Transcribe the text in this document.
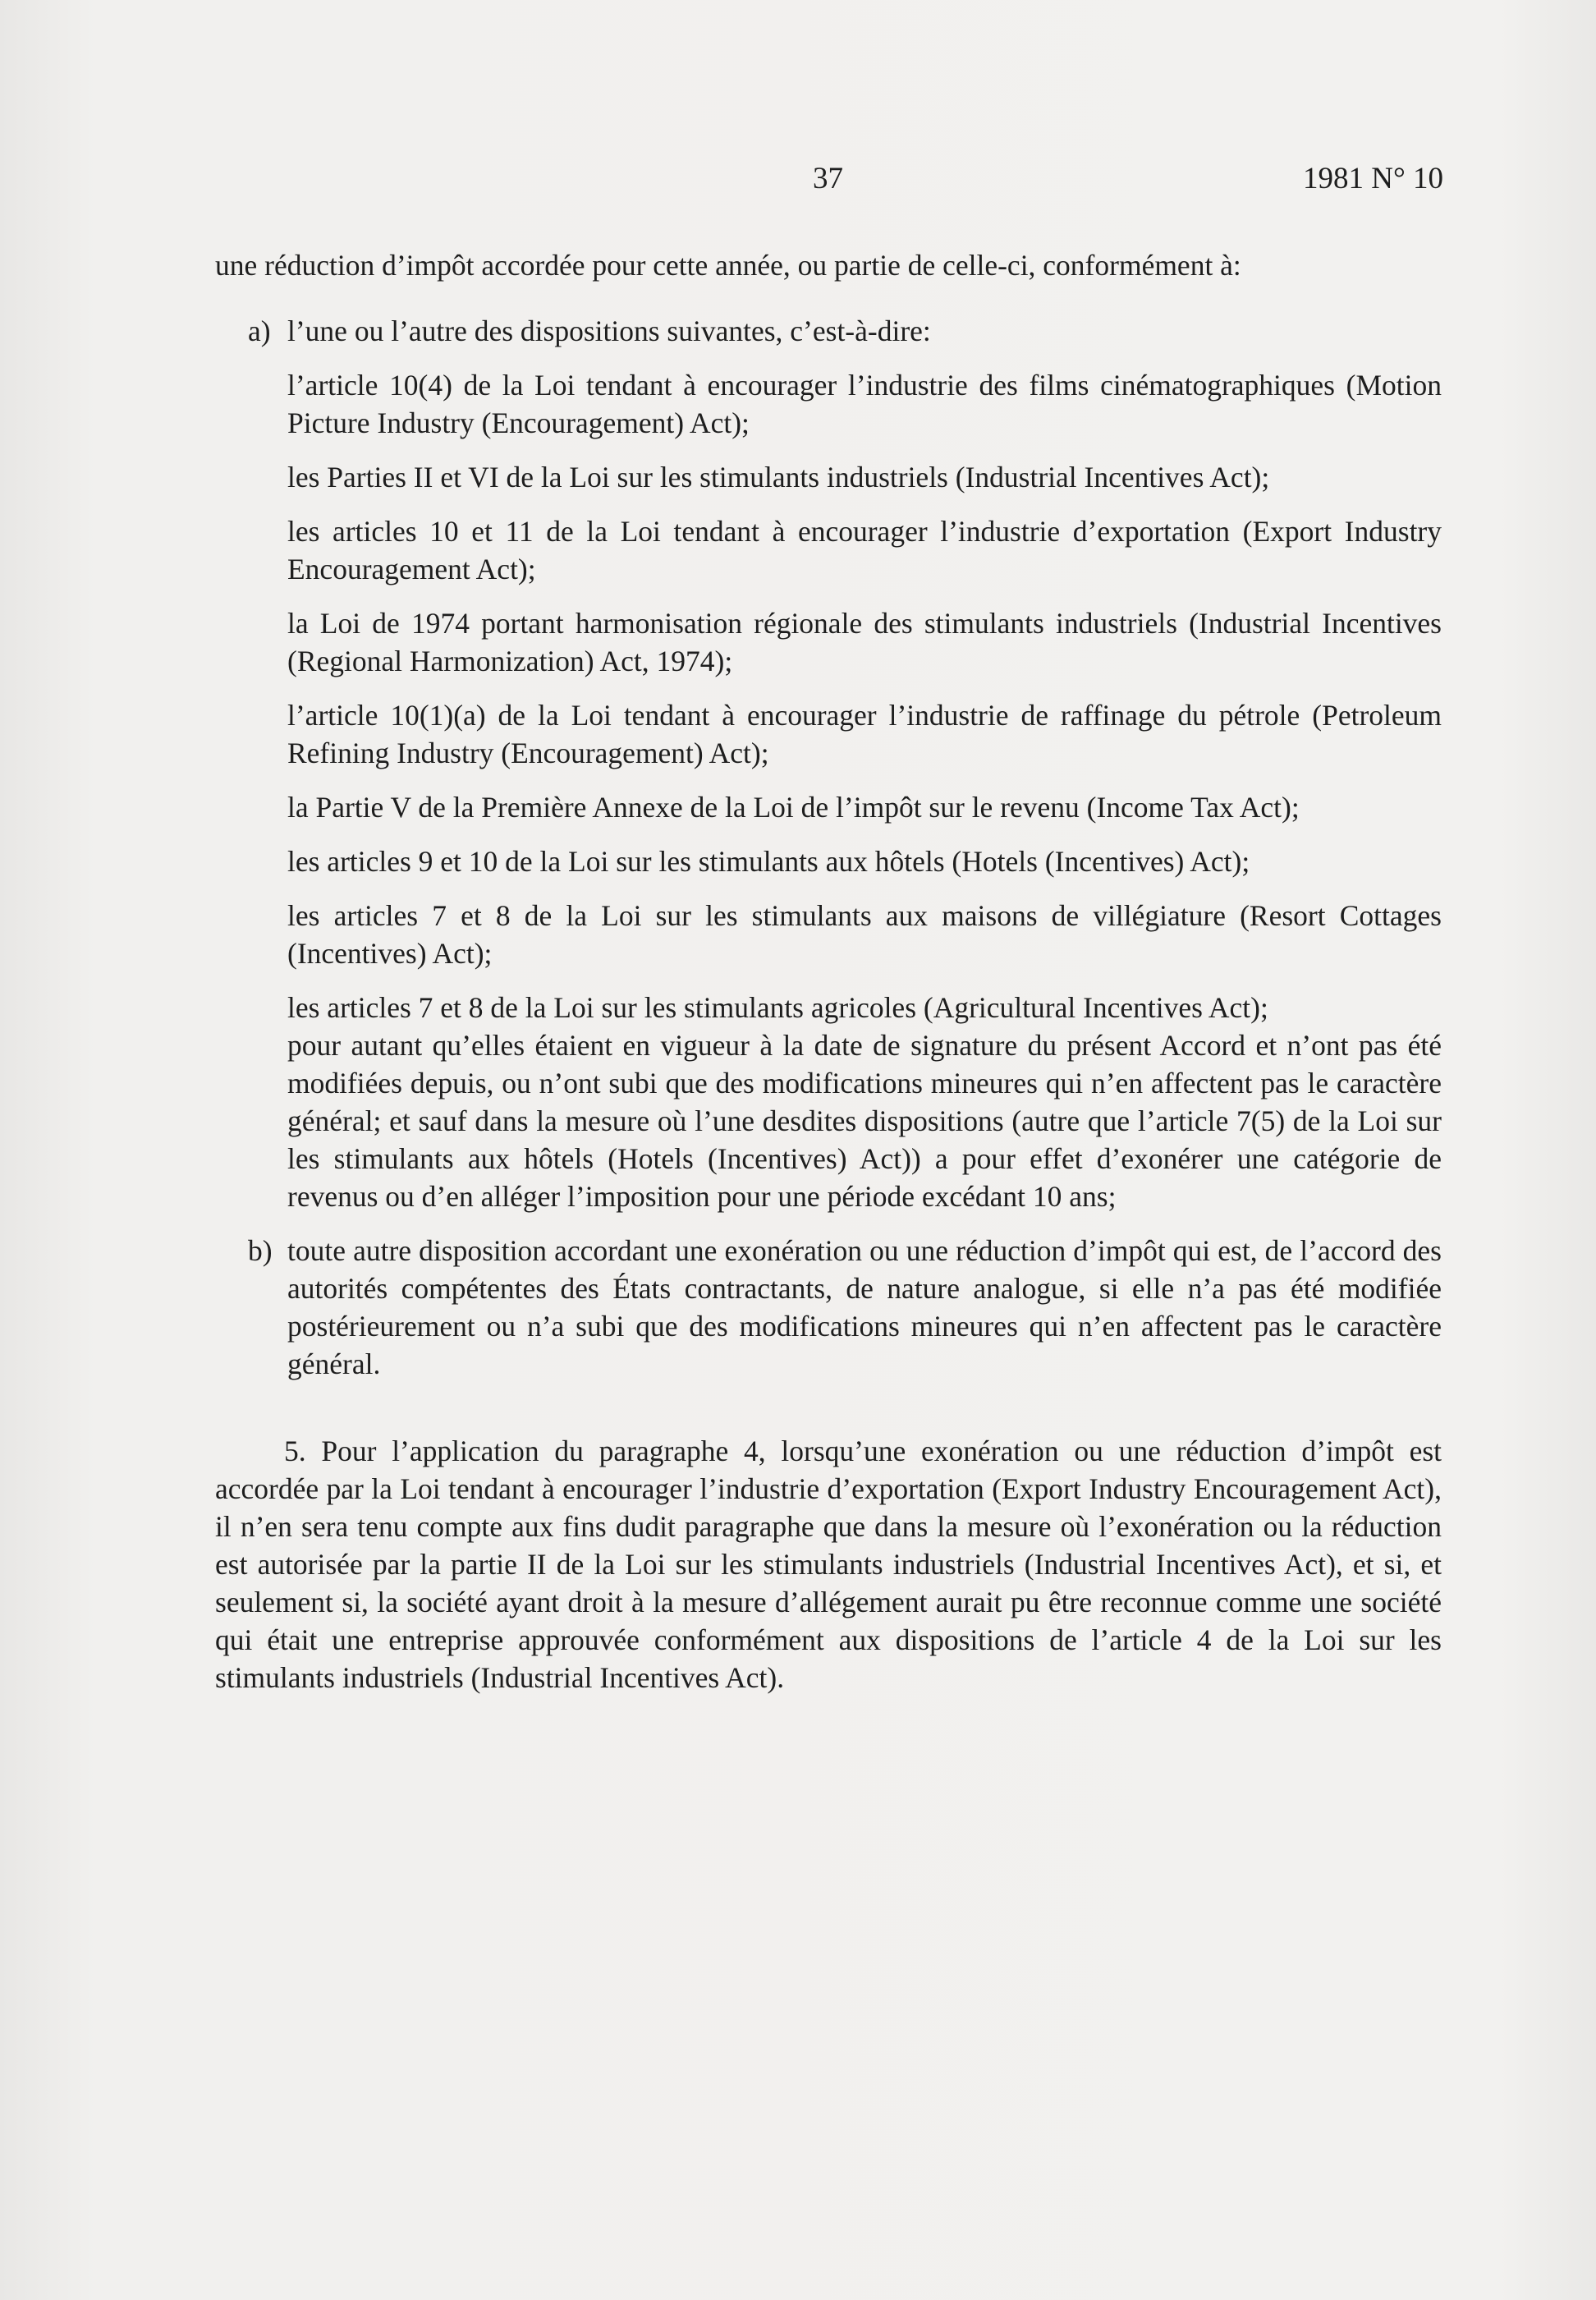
37	1981 N° 10

une réduction d’impôt accordée pour cette année, ou partie de celle-ci, conformément à:

a) l’une ou l’autre des dispositions suivantes, c’est-à-dire:

l’article 10(4) de la Loi tendant à encourager l’industrie des films cinématographiques (Motion Picture Industry (Encouragement) Act);

les Parties II et VI de la Loi sur les stimulants industriels (Industrial Incentives Act);

les articles 10 et 11 de la Loi tendant à encourager l’industrie d’exportation (Export Industry Encouragement Act);

la Loi de 1974 portant harmonisation régionale des stimulants industriels (Industrial Incentives (Regional Harmonization) Act, 1974);

l’article 10(1)(a) de la Loi tendant à encourager l’industrie de raffinage du pétrole (Petroleum Refining Industry (Encouragement) Act);

la Partie V de la Première Annexe de la Loi de l’impôt sur le revenu (Income Tax Act);

les articles 9 et 10 de la Loi sur les stimulants aux hôtels (Hotels (Incentives) Act);

les articles 7 et 8 de la Loi sur les stimulants aux maisons de villégiature (Resort Cottages (Incentives) Act);

les articles 7 et 8 de la Loi sur les stimulants agricoles (Agricultural Incentives Act);

pour autant qu’elles étaient en vigueur à la date de signature du présent Accord et n’ont pas été modifiées depuis, ou n’ont subi que des modifications mineures qui n’en affectent pas le caractère général; et sauf dans la mesure où l’une desdites dispositions (autre que l’article 7(5) de la Loi sur les stimulants aux hôtels (Hotels (Incentives) Act)) a pour effet d’exonérer une catégorie de revenus ou d’en alléger l’imposition pour une période excédant 10 ans;

b) toute autre disposition accordant une exonération ou une réduction d’impôt qui est, de l’accord des autorités compétentes des États contractants, de nature analogue, si elle n’a pas été modifiée postérieurement ou n’a subi que des modifications mineures qui n’en affectent pas le caractère général.

5. Pour l’application du paragraphe 4, lorsqu’une exonération ou une réduction d’impôt est accordée par la Loi tendant à encourager l’industrie d’exportation (Export Industry Encouragement Act), il n’en sera tenu compte aux fins dudit paragraphe que dans la mesure où l’exonération ou la réduction est autorisée par la partie II de la Loi sur les stimulants industriels (Industrial Incentives Act), et si, et seulement si, la société ayant droit à la mesure d’allégement aurait pu être reconnue comme une société qui était une entreprise approuvée conformément aux dispositions de l’article 4 de la Loi sur les stimulants industriels (Industrial Incentives Act).
